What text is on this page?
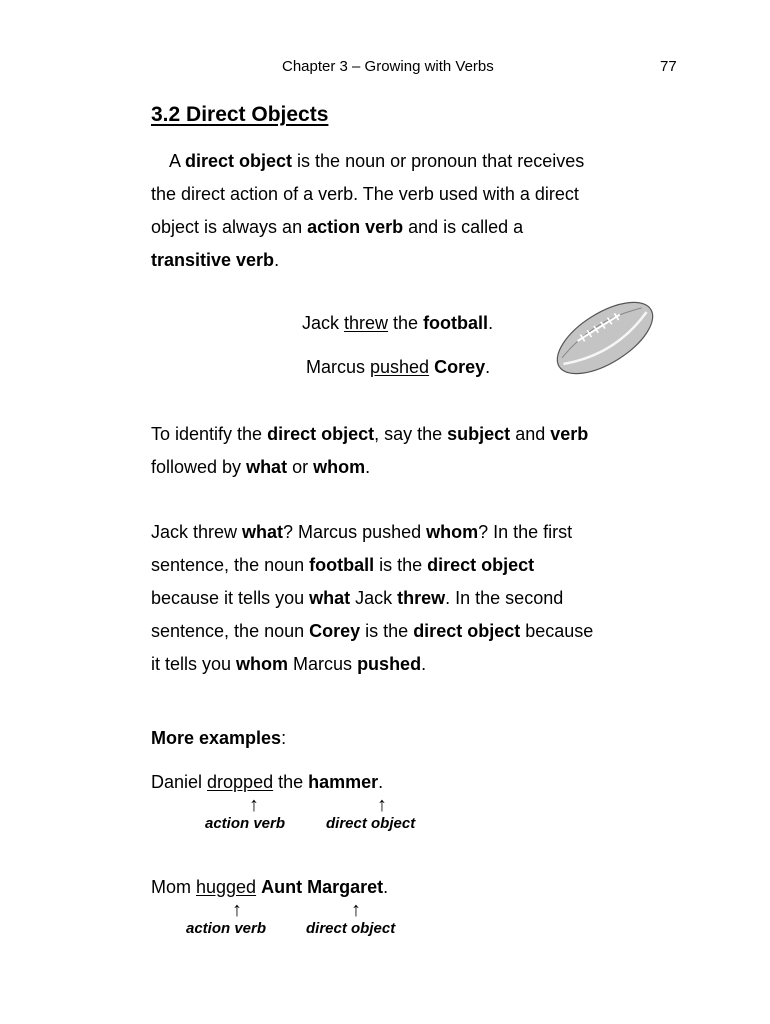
Chapter 3 – Growing with Verbs	77
3.2 Direct Objects

A direct object is the noun or pronoun that receives

the direct action of a verb. The verb used with a direct

object is always an action verb and is called a

transitive verb.

Jack threw the football.
Marcus pushed Corey.

To identify the direct object, say the subject and verb

followed by what or whom.

Jack threw what? Marcus pushed whom? In the first

sentence, the noun football is the direct object

because it tells you what Jack threw. In the second

sentence, the noun Corey is the direct object because

it tells you whom Marcus pushed.

More examples:
Daniel dropped the hammer.
↑	↑
action verb	direct object
Mom hugged Aunt Margaret.
↑	↑
action verb	direct object
